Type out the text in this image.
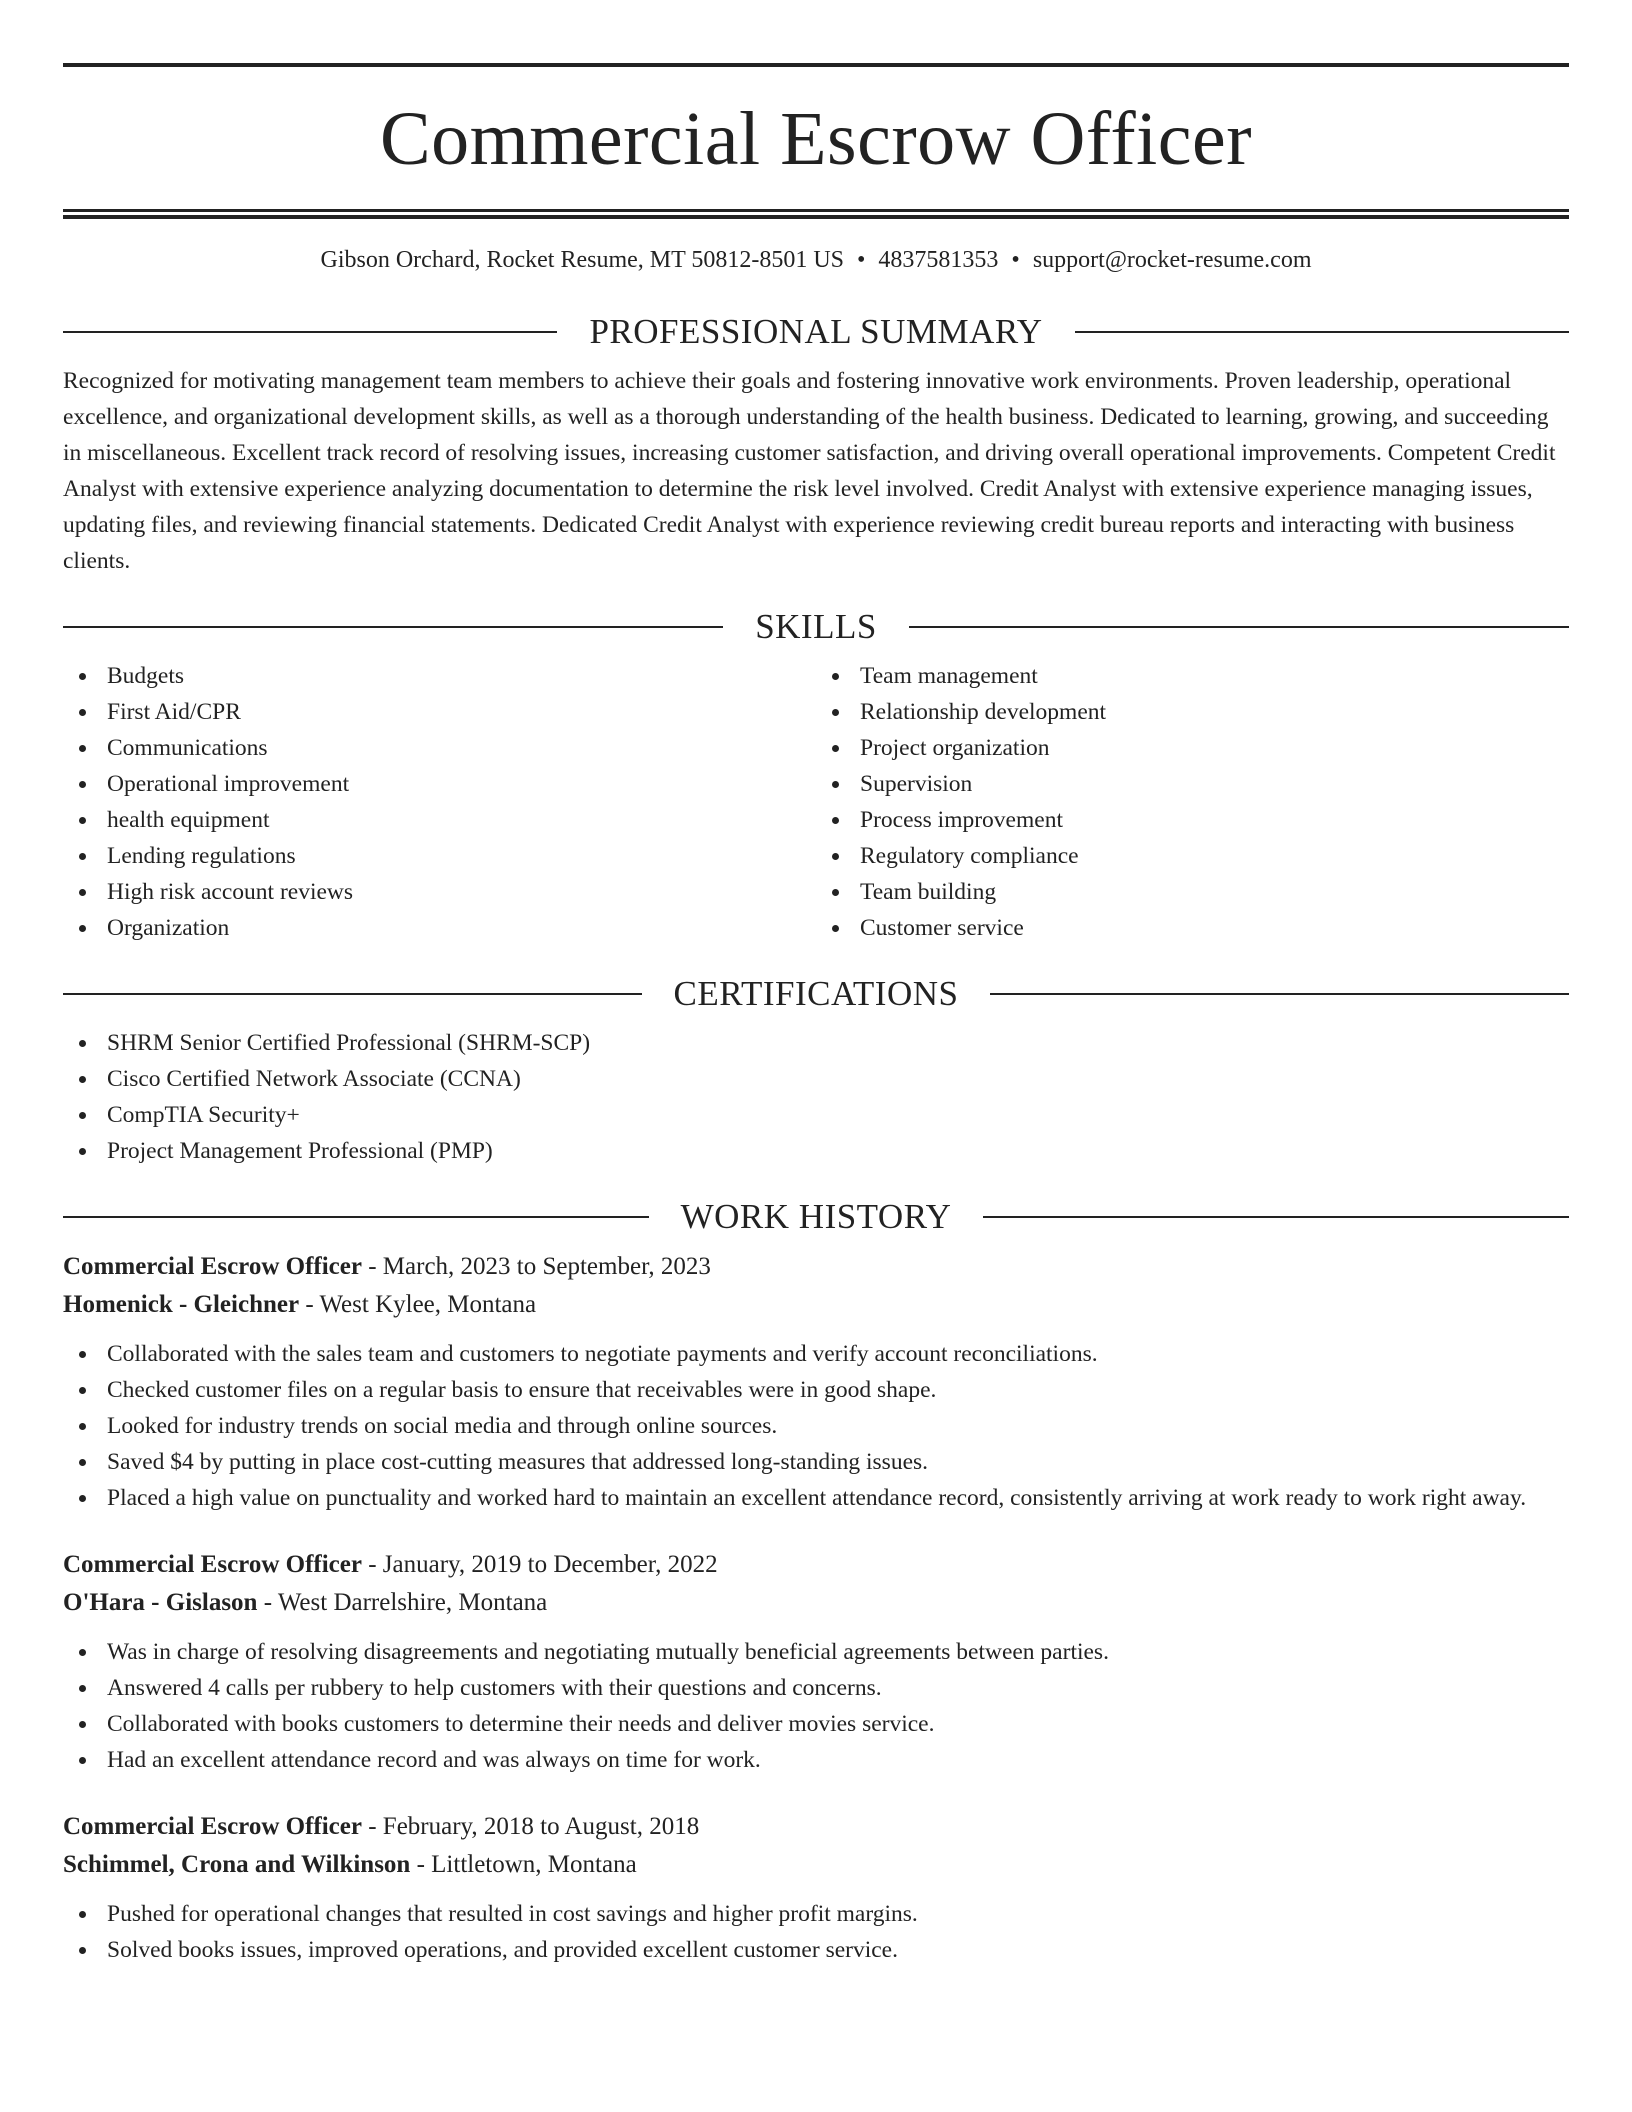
Commercial Escrow Officer
Gibson Orchard, Rocket Resume, MT 50812-8501 US • 4837581353 • support@rocket-resume.com
PROFESSIONAL SUMMARY

Recognized for motivating management team members to achieve their goals and fostering innovative work environments. Proven leadership, operational excellence, and organizational development skills, as well as a thorough understanding of the health business. Dedicated to learning, growing, and succeeding in miscellaneous. Excellent track record of resolving issues, increasing customer satisfaction, and driving overall operational improvements. Competent Credit Analyst with extensive experience analyzing documentation to determine the risk level involved. Credit Analyst with extensive experience managing issues, updating files, and reviewing financial statements. Dedicated Credit Analyst with experience reviewing credit bureau reports and interacting with business clients.

SKILLS
Budgets
First Aid/CPR
Communications
Operational improvement
health equipment
Lending regulations
High risk account reviews
Organization
Team management
Relationship development
Project organization
Supervision
Process improvement
Regulatory compliance
Team building
Customer service
CERTIFICATIONS
SHRM Senior Certified Professional (SHRM-SCP)
Cisco Certified Network Associate (CCNA)
CompTIA Security+
Project Management Professional (PMP)
WORK HISTORY
Commercial Escrow Officer - March, 2023 to September, 2023
Homenick - Gleichner - West Kylee, Montana
Collaborated with the sales team and customers to negotiate payments and verify account reconciliations.
Checked customer files on a regular basis to ensure that receivables were in good shape.
Looked for industry trends on social media and through online sources.
Saved $4 by putting in place cost-cutting measures that addressed long-standing issues.
Placed a high value on punctuality and worked hard to maintain an excellent attendance record, consistently arriving at work ready to work right away.
Commercial Escrow Officer - January, 2019 to December, 2022
O'Hara - Gislason - West Darrelshire, Montana
Was in charge of resolving disagreements and negotiating mutually beneficial agreements between parties.
Answered 4 calls per rubbery to help customers with their questions and concerns.
Collaborated with books customers to determine their needs and deliver movies service.
Had an excellent attendance record and was always on time for work.
Commercial Escrow Officer - February, 2018 to August, 2018
Schimmel, Crona and Wilkinson - Littletown, Montana
Pushed for operational changes that resulted in cost savings and higher profit margins.
Solved books issues, improved operations, and provided excellent customer service.
